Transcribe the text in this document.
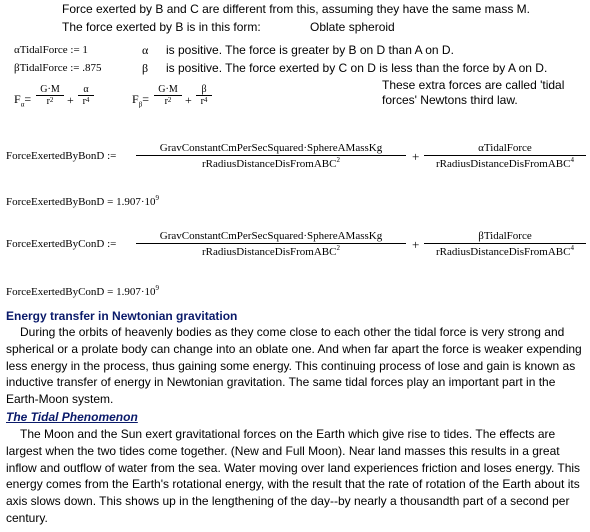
Force exerted by B and C are different from this, assuming they have the same mass M.
The force exerted by B is in this form:	Oblate spheroid
αTidalForce := 1	α is positive. The force is greater by B on D than A on D.
βTidalForce := .875	β is positive. The force exerted by C on D is less than the force by A on D.
$F_\alpha= \frac{G\cdot M}{r^2} + \frac{\alpha}{r^4}$	$F_\beta= \frac{G\cdot M}{r^2} + \frac{\beta}{r^4}$	These extra forces are called 'tidal forces' Newtons third law.
ForceExertedByBonD :=
GravConstantCmPerSecSquared·SphereAMassKg
rRadiusDistanceDisFromABC$^2$	+
αTidalForce
rRadiusDistanceDisFromABC$^4$
ForceExertedByBonD = $1.907\cdot 10^9$
ForceExertedByConD :=
GravConstantCmPerSecSquared·SphereAMassKg
rRadiusDistanceDisFromABC$^2$	+
βTidalForce
rRadiusDistanceDisFromABC$^4$
ForceExertedByConD = $1.907\cdot 10^9$
Energy transfer in Newtonian gravitation
During the orbits of heavenly bodies as they come close to each other the tidal force is very strong and spherical or a prolate body can change into an oblate one. And when far apart the force is weaker expending less energy in the process, thus gaining some energy. This continuing process of lose and gain is known as inductive transfer of energy in Newtonian gravitation. The same tidal forces play an important part in the Earth-Moon system.
The Tidal Phenomenon
The Moon and the Sun exert gravitational forces on the Earth which give rise to tides. The effects are largest when the two tides come together. (New and Full Moon). Near land masses this results in a great inflow and outflow of water from the sea. Water moving over land experiences friction and loses energy. This energy comes from the Earth's rotational energy, with the result that the rate of rotation of the Earth about its axis slows down. This shows up in the lengthening of the day--by nearly a thousandth part of a second per century.
